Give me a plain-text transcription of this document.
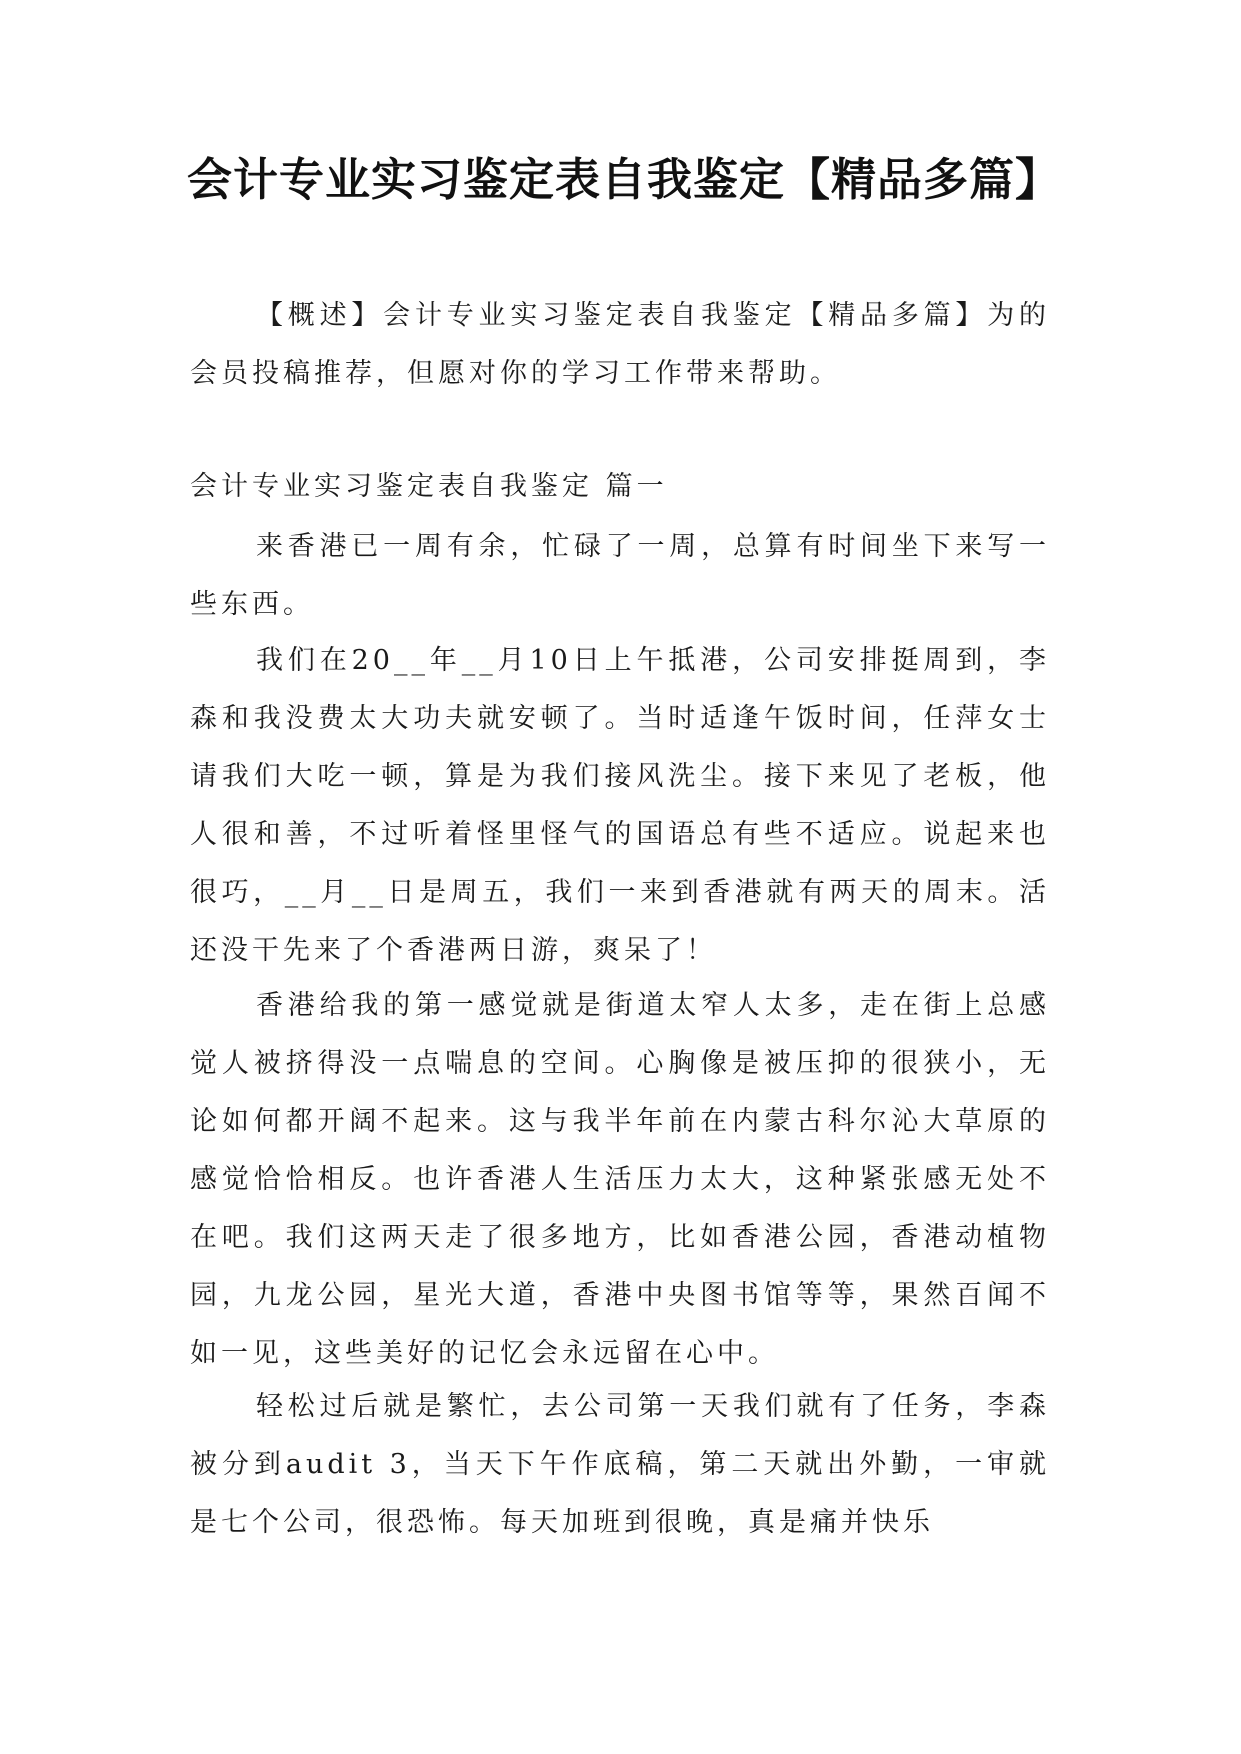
会计专业实习鉴定表自我鉴定【精品多篇】

【概述】会计专业实习鉴定表自我鉴定【精品多篇】为的会员投稿推荐，但愿对你的学习工作带来帮助。

会计专业实习鉴定表自我鉴定 篇一

来香港已一周有余，忙碌了一周，总算有时间坐下来写一些东西。

我们在20__年__月10日上午抵港，公司安排挺周到，李森和我没费太大功夫就安顿了。当时适逢午饭时间，任萍女士请我们大吃一顿，算是为我们接风洗尘。接下来见了老板，他人很和善，不过听着怪里怪气的国语总有些不适应。说起来也很巧，__月__日是周五，我们一来到香港就有两天的周末。活还没干先来了个香港两日游，爽呆了！

香港给我的第一感觉就是街道太窄人太多，走在街上总感觉人被挤得没一点喘息的空间。心胸像是被压抑的很狭小，无论如何都开阔不起来。这与我半年前在内蒙古科尔沁大草原的感觉恰恰相反。也许香港人生活压力太大，这种紧张感无处不在吧。我们这两天走了很多地方，比如香港公园，香港动植物园，九龙公园，星光大道，香港中央图书馆等等，果然百闻不如一见，这些美好的记忆会永远留在心中。

轻松过后就是繁忙，去公司第一天我们就有了任务，李森被分到audit 3，当天下午作底稿，第二天就出外勤，一审就是七个公司，很恐怖。每天加班到很晚，真是痛并快乐
